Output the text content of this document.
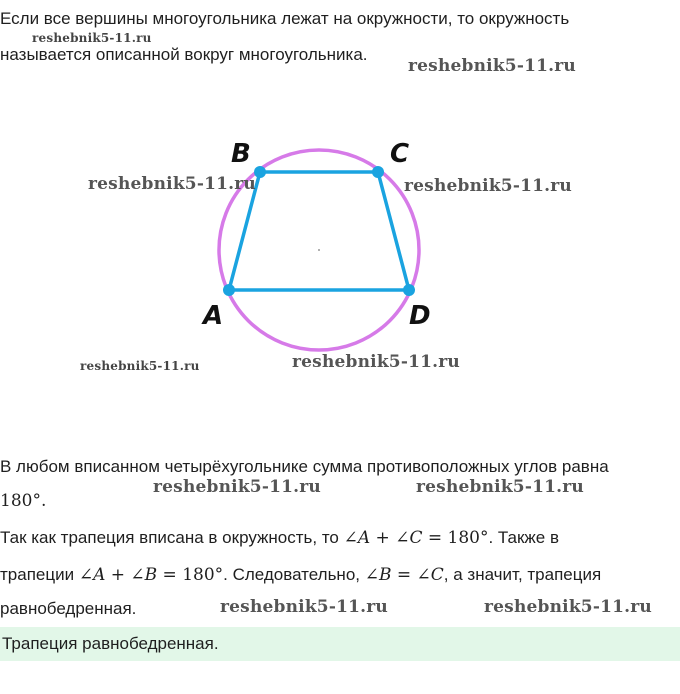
Если все вершины многоугольника лежат на окружности, то окружность

называется описанной вокруг многоугольника.

A
B	C
D

В любом вписанном четырёхугольнике сумма противоположных углов равна

180°.

Так как трапеция вписана в окружность, то ∠A + ∠C = 180°. Также в

трапеции ∠A + ∠B = 180°. Следовательно, ∠B = ∠C, а значит, трапеция

равнобедренная.

Трапеция равнобедренная.
reshebnik5-11.ru
reshebnik5-11.ru
reshebnik5-11.ru	reshebnik5-11.ru
reshebnik5-11.ru
reshebnik5-11.ru
reshebnik5-11.ru	reshebnik5-11.ru
reshebnik5-11.ru	reshebnik5-11.ru
